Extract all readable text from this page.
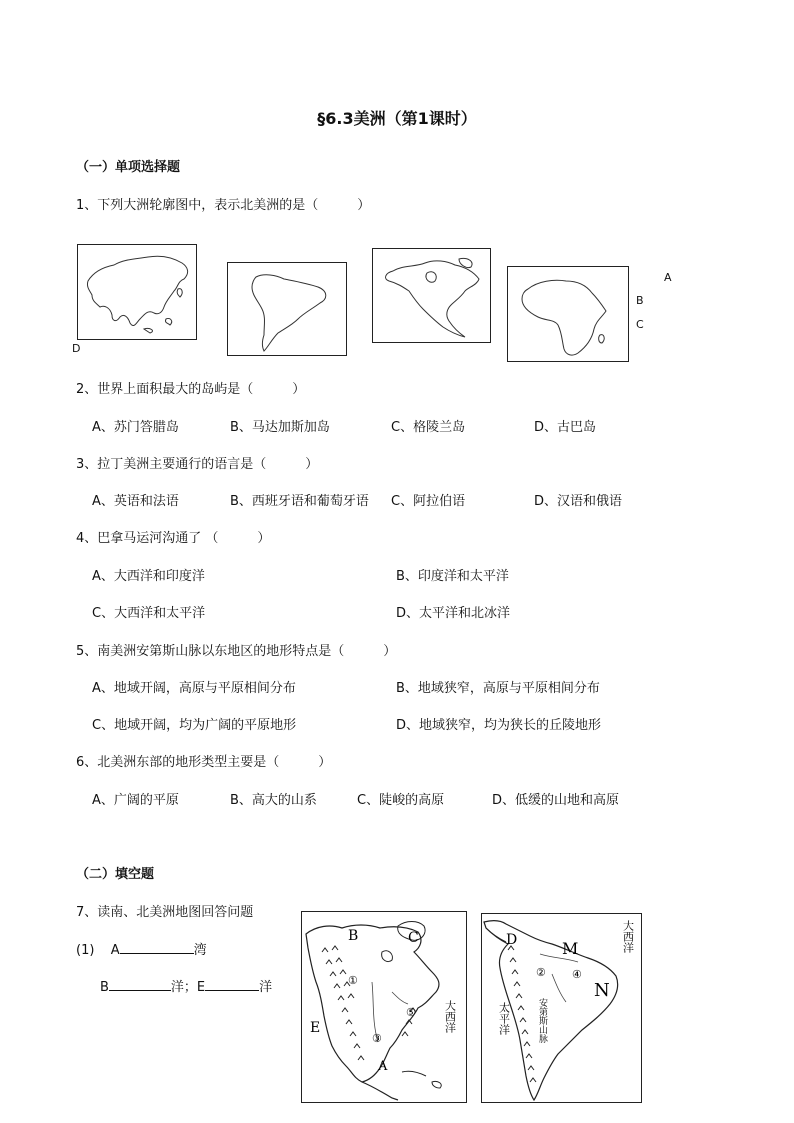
§6.3美洲（第1课时）
（一）单项选择题
1、下列大洲轮廓图中，表示北美洲的是（　　　）
D
A
B
C
2、世界上面积最大的岛屿是（　　　）
A、苏门答腊岛	B、马达加斯加岛	C、格陵兰岛	D、古巴岛
3、拉丁美洲主要通行的语言是（　　　）
A、英语和法语	B、西班牙语和葡萄牙语 C、阿拉伯语	D、汉语和俄语
4、巴拿马运河沟通了 （　　　）
A、大西洋和印度洋	B、印度洋和太平洋
C、大西洋和太平洋	D、太平洋和北冰洋
5、南美洲安第斯山脉以东地区的地形特点是（　　　）
A、地域开阔，高原与平原相间分布	B、地域狭窄，高原与平原相间分布
C、地域开阔，均为广阔的平原地形	D、地域狭窄，均为狭长的丘陵地形
6、北美洲东部的地形类型主要是（　　　）
A、广阔的平原	B、高大的山系	C、陡峻的高原	D、低缓的山地和高原
（二）填空题
7、读南、北美洲地图回答问题
(1) A	湾
B	洋；E	洋
B	C
E
A
①
③
⑤	大西洋
D	M
N
② ④
大西洋
太平洋	安第斯山脉
